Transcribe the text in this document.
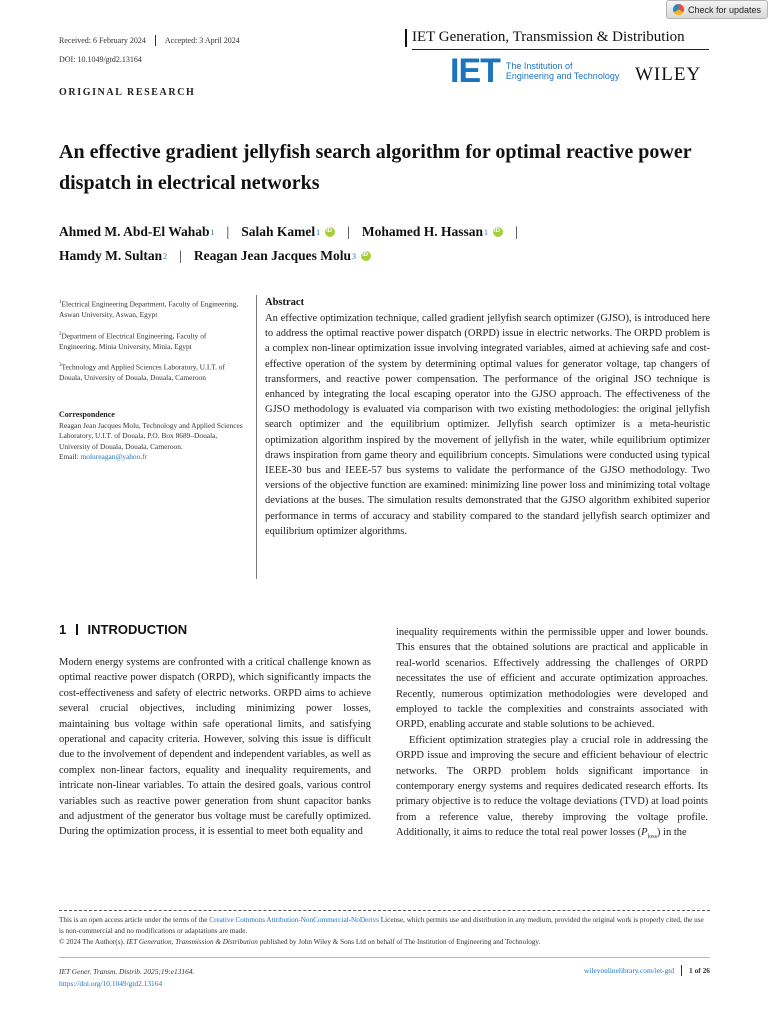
Check for updates
Received: 6 February 2024 Accepted: 3 April 2024
DOI: 10.1049/gtd2.13164
IET Generation, Transmission & Distribution
IET The Institution of
Engineering and Technology WILEY
ORIGINAL RESEARCH
An effective gradient jellyfish search algorithm for optimal reactive power dispatch in electrical networks
Ahmed M. Abd-El Wahab 1 | Salah Kamel 1 iD | Mohamed H. Hassan 1 iD |
Hamdy M. Sultan 2 | Reagan Jean Jacques Molu 3
iD
$^1$Electrical Engineering Department, Faculty of Engineering, Aswan University, Aswan, Egypt
$^2$Department of Electrical Engineering, Faculty of Engineering, Minia University, Minia, Egypt
$^3$Technology and Applied Sciences Laboratory, U.I.T. of Douala, University of Douala, Douala, Cameroon
Correspondence
Reagan Jean Jacques Molu, Technology and Applied Sciences Laboratory, U.I.T. of Douala, P.O. Box 8689–Douala, University of Douala, Douala, Cameroon.
Email: molureagan@yahoo.fr
Abstract

An effective optimization technique, called gradient jellyfish search optimizer (GJSO), is introduced here to address the optimal reactive power dispatch (ORPD) issue in electric networks. The ORPD problem is a complex non-linear optimization issue involving integrated variables, aimed at achieving safe and cost-effective operation of the system by determining optimal values for generator voltage, tap changers of transformers, and reactive power compensation. The performance of the original JSO technique is enhanced by integrating the local escaping operator into the GJSO approach. The effectiveness of the GJSO methodology is evaluated via comparison with two existing methodologies: the original jellyfish search optimizer and the equilibrium optimizer. Jellyfish search optimizer is a meta-heuristic optimization algorithm inspired by the movement of jellyfish in the water, while equilibrium optimizer draws inspiration from game theory and equilibrium concepts. Simulations were conducted using typical IEEE-30 bus and IEEE-57 bus systems to validate the performance of the GJSO methodology. Two versions of the objective function are examined: minimizing line power loss and minimizing total voltage deviations at the buses. The simulation results demonstrated that the GJSO algorithm exhibited superior performance in terms of accuracy and stability compared to the standard jellyfish search optimizer and equilibrium optimizer algorithms.

1 INTRODUCTION

Modern energy systems are confronted with a critical challenge known as optimal reactive power dispatch (ORPD), which significantly impacts the cost-effectiveness and safety of electric networks. ORPD aims to achieve several crucial objectives, including minimizing power losses, maintaining bus voltage within safe operational limits, and satisfying operational and capacity criteria. However, solving this issue is difficult due to the involvement of dependent and independent variables, as well as complex non-linear factors, equality and inequality requirements, and intricate non-linear variables. To attain the desired goals, various control variables such as reactive power generation from shunt capacitor banks and adjustment of the generator bus voltage must be carefully optimized. During the optimization process, it is essential to meet both equality and

inequality requirements within the permissible upper and lower bounds. This ensures that the obtained solutions are practical and applicable in real-world scenarios. Effectively addressing the challenges of ORPD necessitates the use of efficient and accurate optimization approaches. Recently, numerous optimization methodologies were developed and employed to tackle the complexities and constraints associated with ORPD, enabling accurate and stable solutions to be achieved.

Efficient optimization strategies play a crucial role in addressing the ORPD issue and improving the secure and efficient behaviour of electric networks. The ORPD problem holds significant importance in contemporary energy systems and requires dedicated research efforts. Its primary objective is to reduce the voltage deviations (TVD) at load points from a reference value, thereby improving the voltage profile. Additionally, it aims to reduce the total real power losses $(P_{loss})$ in the

This is an open access article under the terms of the Creative Commons Attribution-NonCommercial-NoDerivs License, which permits use and distribution in any medium, provided the original work is properly cited, the use is non-commercial and no modifications or adaptations are made.
© 2024 The Author(s). IET Generation, Transmission & Distribution published by John Wiley & Sons Ltd on behalf of The Institution of Engineering and Technology.
IET Gener. Transm. Distrib. 2025;19:e13164.
https://doi.org/10.1049/gtd2.13164
wileyonlinelibrary.com/iet-gtd 1 of 26
